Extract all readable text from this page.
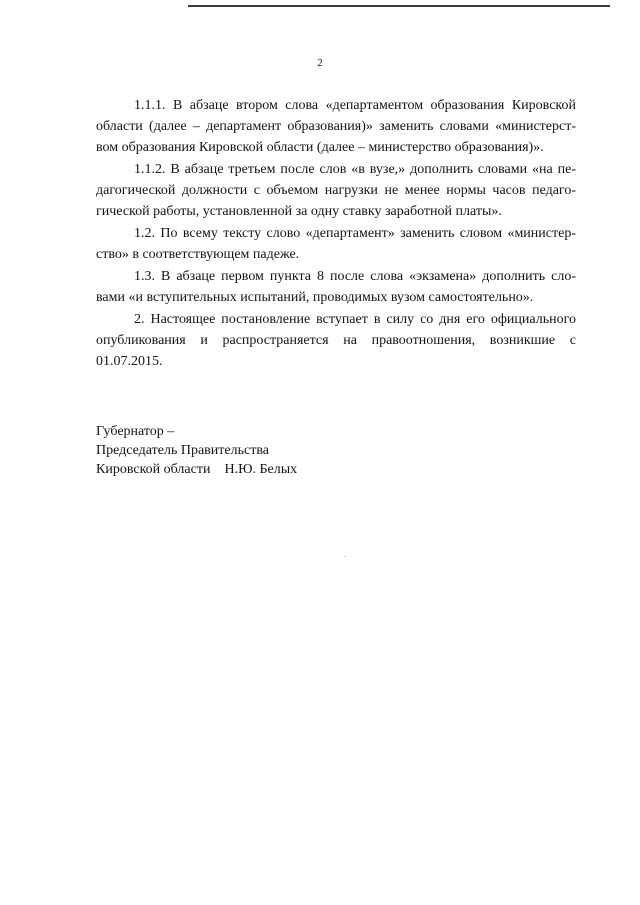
2

1.1.1. В абзаце втором слова «департаментом образования Кировской
области (далее – департамент образования)» заменить словами «министерст-
вом образования Кировской области (далее – министерство образования)».

1.1.2. В абзаце третьем после слов «в вузе,» дополнить словами «на пе-
дагогической должности с объемом нагрузки не менее нормы часов педаго-
гической работы, установленной за одну ставку заработной платы».

1.2. По всему тексту слово «департамент» заменить словом «министер-
ство» в соответствующем падеже.

1.3. В абзаце первом пункта 8 после слова «экзамена» дополнить сло-
вами «и вступительных испытаний, проводимых вузом самостоятельно».

2. Настоящее постановление вступает в силу со дня его официального
опубликования и распространяется на правоотношения, возникшие с
01.07.2015.

Губернатор –
Председатель Правительства
Кировской области Н.Ю. Белых
